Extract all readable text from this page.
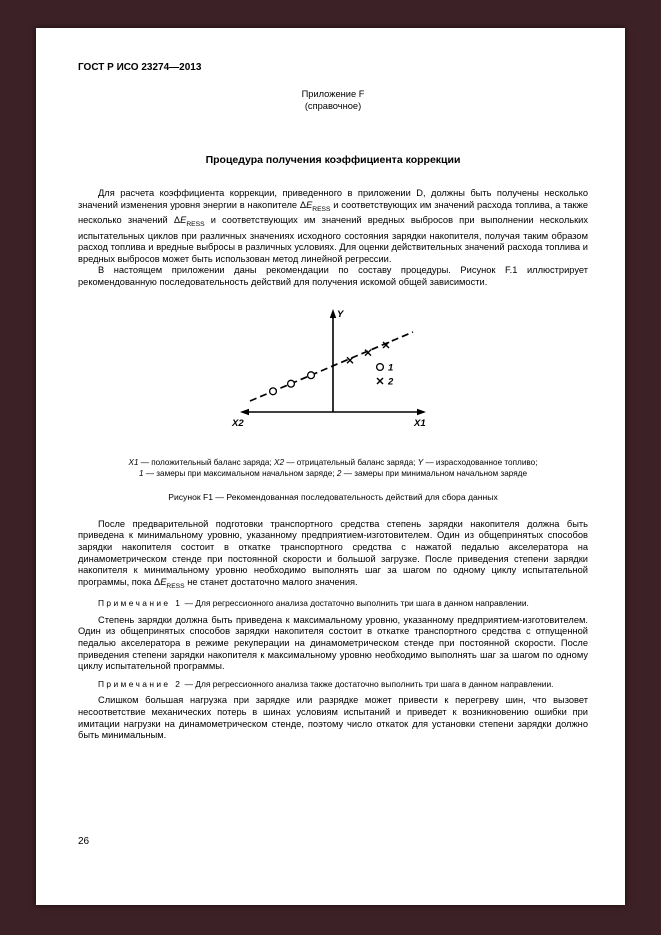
ГОСТ Р ИСО 23274—2013
Приложение F
(справочное)
Процедура получения коэффициента коррекции

Для расчета коэффициента коррекции, приведенного в приложении D, должны быть получены несколько значений изменения уровня энергии в накопителе $\Delta E_{RESS}$ и соответствующих им значений расхода топлива, а также несколько значений $\Delta E_{RESS}$ и соответствующих им значений вредных выбросов при выполнении нескольких испытательных циклов при различных значениях исходного состояния зарядки накопителя, получая таким образом расход топлива и вредные выбросы в различных условиях. Для оценки действительных значений расхода топлива и вредных выбросов может быть использован метод линейной регрессии.

В настоящем приложении даны рекомендации по составу процедуры. Рисунок F.1 иллюстрирует рекомендованную последовательность действий для получения искомой общей зависимости.

Y
X2	X1
1
2
X1 — положительный баланс заряда; X2 — отрицательный баланс заряда; Y — израсходованное топливо;
1 — замеры при максимальном начальном заряде; 2 — замеры при минимальном начальном заряде
Рисунок F1 — Рекомендованная последовательность действий для сбора данных

После предварительной подготовки транспортного средства степень зарядки накопителя должна быть приведена к минимальному уровню, указанному предприятием-изготовителем. Один из общепринятых способов зарядки накопителя состоит в откатке транспортного средства с нажатой педалью акселератора на динамометрическом стенде при постоянной скорости и большой загрузке. После приведения степени зарядки накопителя к минимальному уровню необходимо выполнять шаг за шагом по одному циклу испытательной программы, пока $\Delta E_{RESS}$ не станет достаточно малого значения.

Примечание 1 — Для регрессионного анализа достаточно выполнить три шага в данном направлении.

Степень зарядки должна быть приведена к максимальному уровню, указанному предприятием-изготовителем. Один из общепринятых способов зарядки накопителя состоит в откатке транспортного средства с отпущенной педалью акселератора в режиме рекуперации на динамометрическом стенде при постоянной скорости. После приведения степени зарядки накопителя к максимальному уровню необходимо выполнять шаг за шагом по одному циклу испытательной программы.

Примечание 2 — Для регрессионного анализа также достаточно выполнить три шага в данном направлении.

Слишком большая нагрузка при зарядке или разрядке может привести к перегреву шин, что вызовет несоответствие механических потерь в шинах условиям испытаний и приведет к возникновению ошибки при имитации нагрузки на динамометрическом стенде, поэтому число откаток для установки степени зарядки должно быть минимальным.

26
